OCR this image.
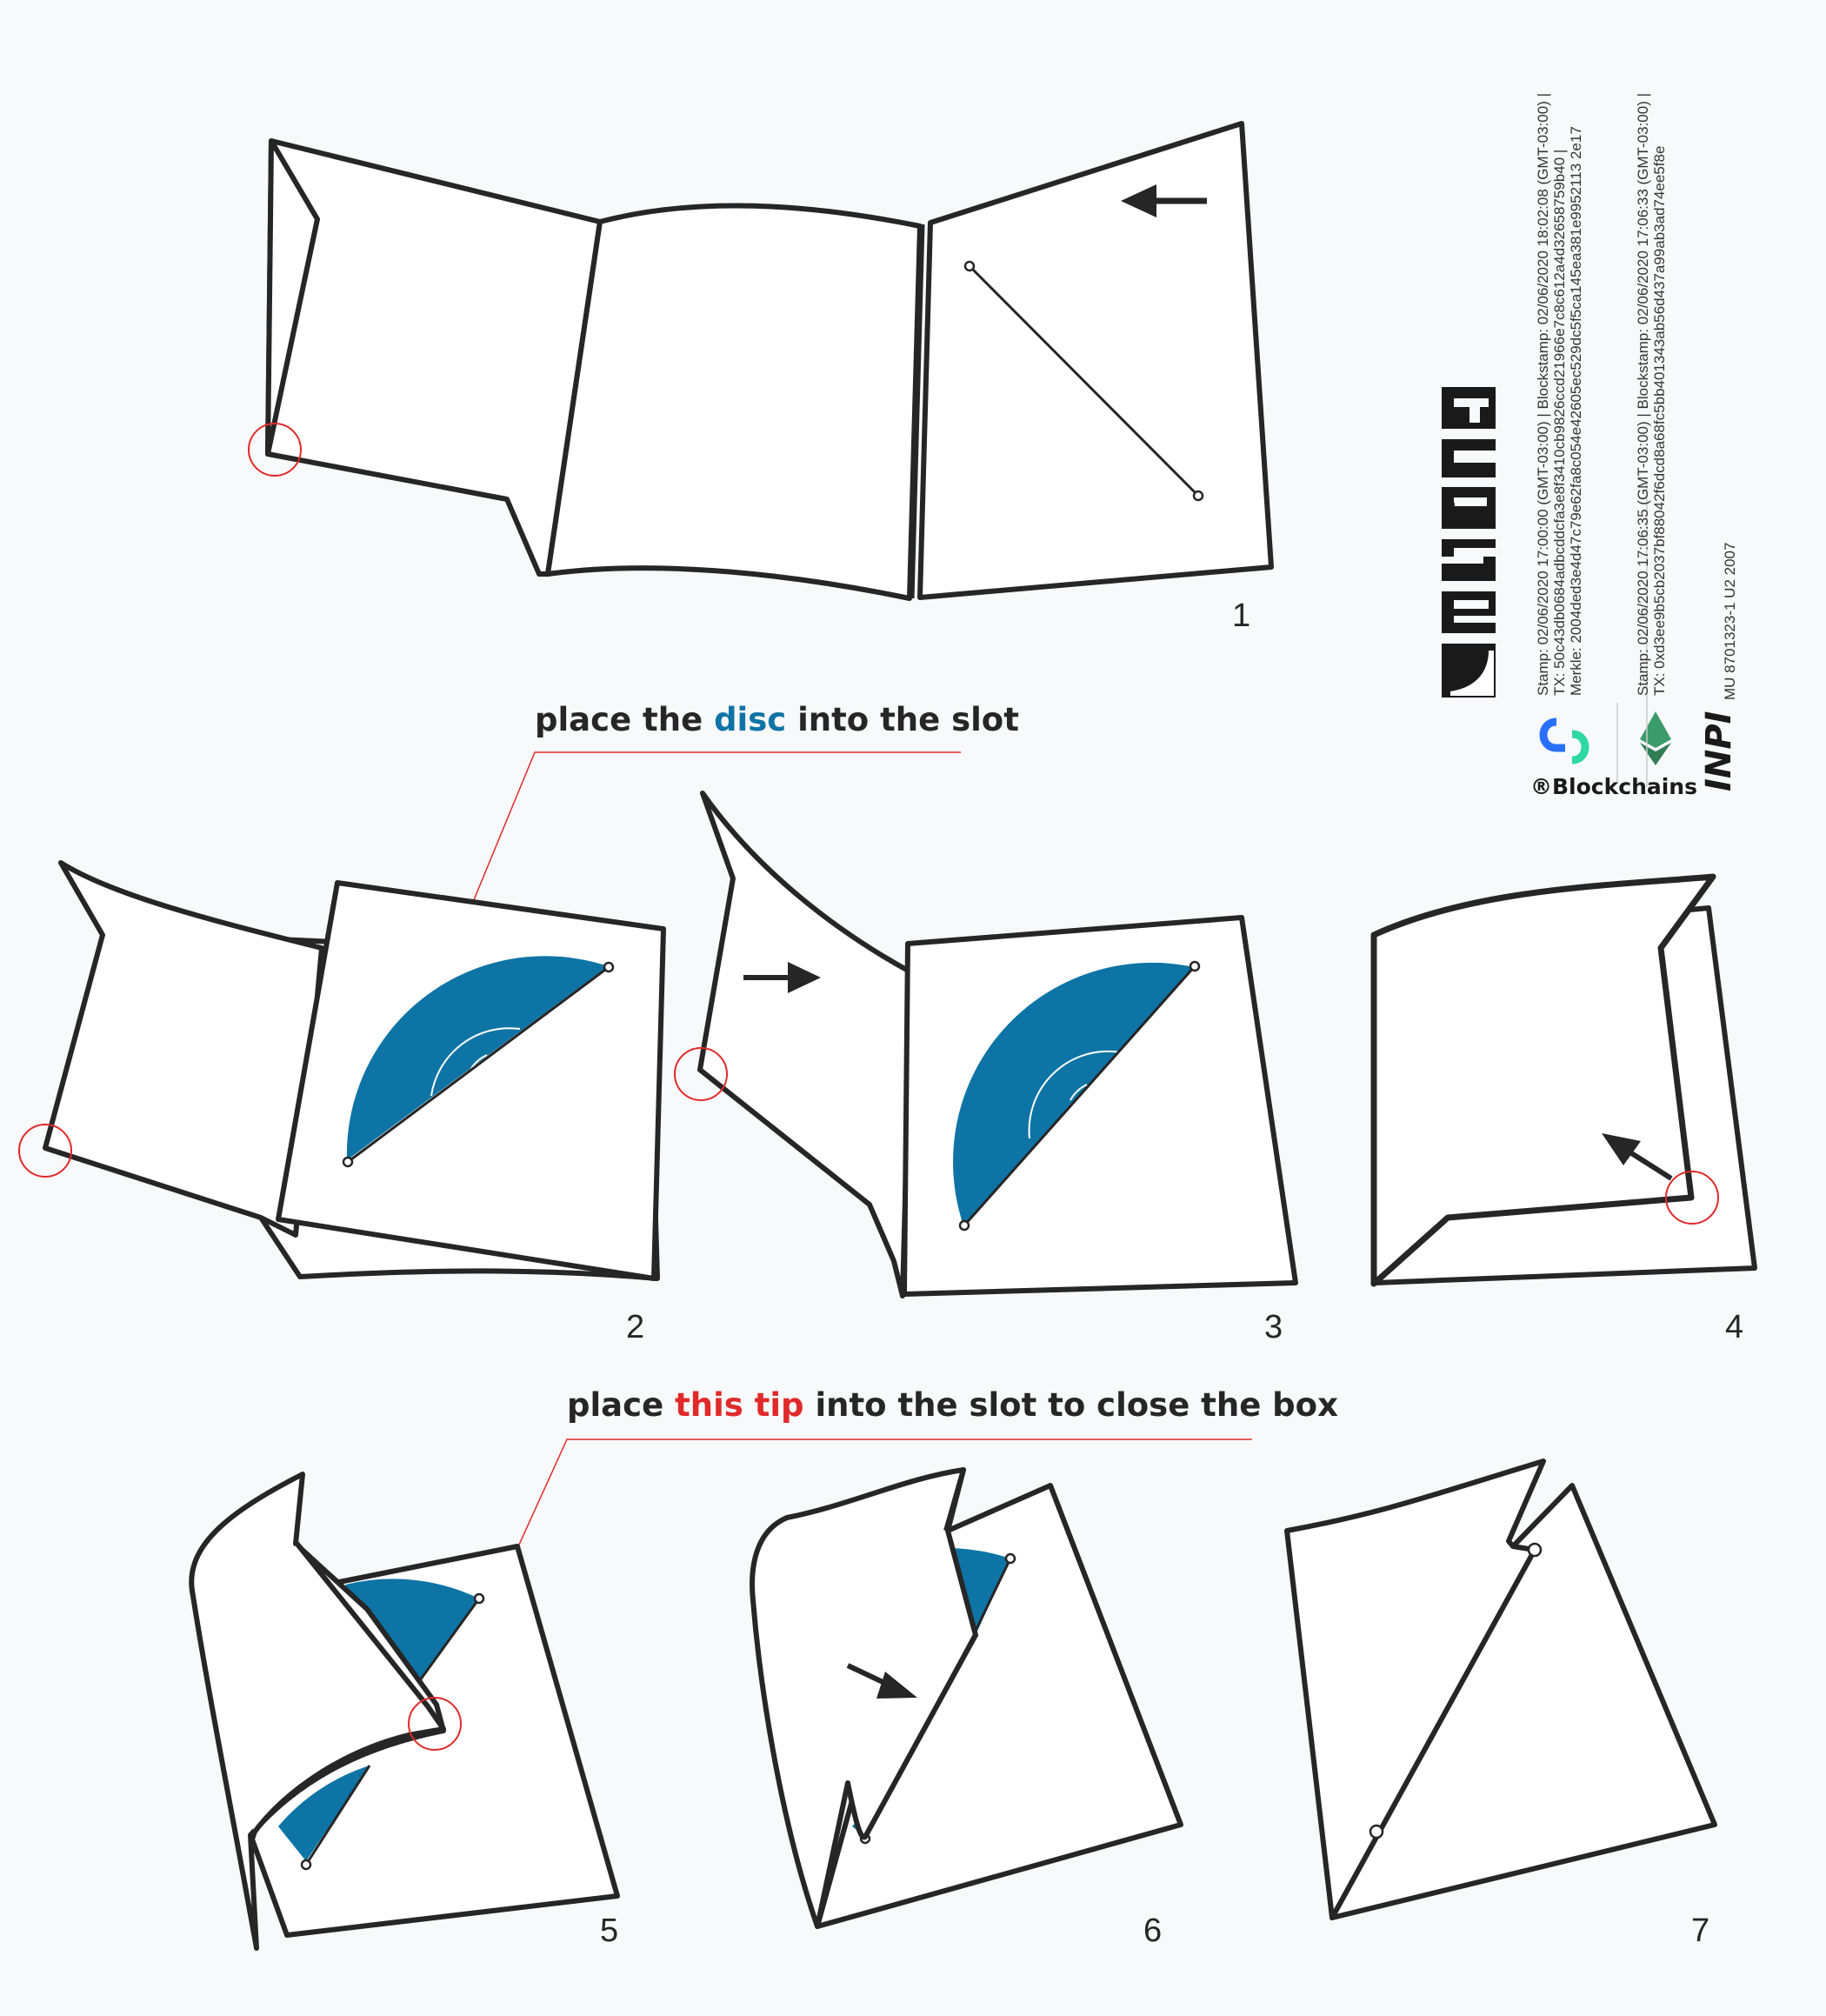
1
2	3	4
5	6	7
INPI
®Blockchains
place the disc into the slot
place this tip into the slot to close the box
Stamp: 02/06/2020 17:00:00 (GMT-03:00) | Blockstamp: 02/06/2020 18:02:08 (GMT-03:00) | TX: 50c43db0684adbcddcfa3e8f3410cb9826ccd21966e7c8c612a4d32658759b40 | Merkle: 2004ded3e4d47c79e62fa8c054e42605ec529dc5f5ca145ea381e9952113 2e17	Stamp: 02/06/2020 17:06:35 (GMT-03:00) | Blockstamp: 02/06/2020 17:06:33 (GMT-03:00) | TX: 0xd3ee9b5cb2037bf88042f6dcd8a68fc5bb401343ab56d437a99ab3ad74ee5f8e	MU 8701323-1 U2 2007
